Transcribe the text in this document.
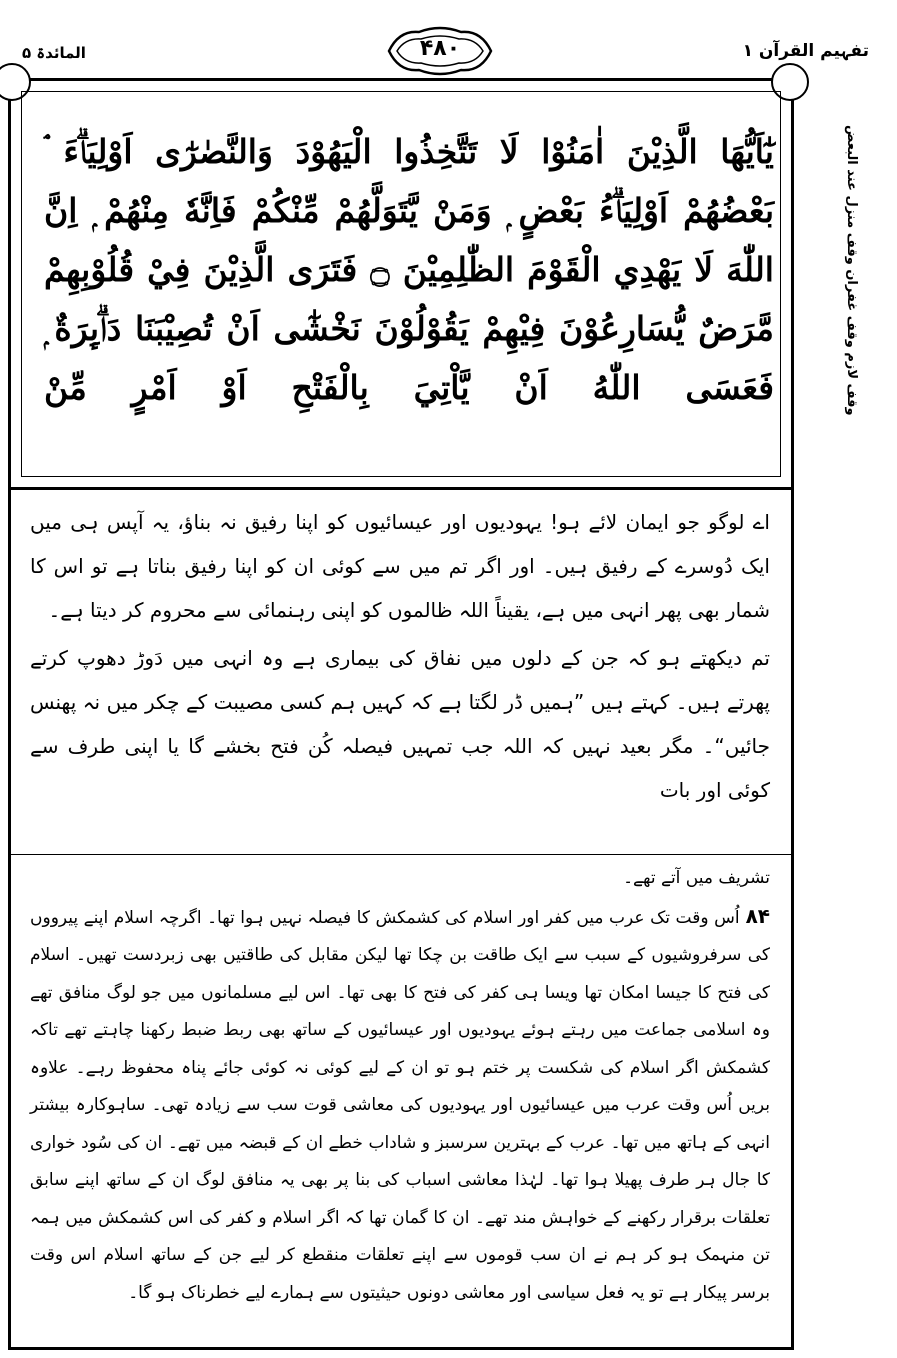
تفہیم القرآن ۱
المائدۃ ۵	۴۸۰
يٰٓاَيُّهَا الَّذِيْنَ اٰمَنُوْا لَا تَتَّخِذُوا الْيَهُوْدَ وَالنَّصٰرٰٓى اَوْلِيَاۗءَ ۘ بَعْضُهُمْ اَوْلِيَاۗءُ بَعْضٍ ۭ وَمَنْ يَّتَوَلَّهُمْ مِّنْكُمْ فَاِنَّهٗ مِنْهُمْ ۭ اِنَّ اللّٰهَ لَا يَهْدِي الْقَوْمَ الظّٰلِمِيْنَ ۝ فَتَرَى الَّذِيْنَ فِيْ قُلُوْبِهِمْ مَّرَضٌ يُّسَارِعُوْنَ فِيْهِمْ يَقُوْلُوْنَ نَخْشٰٓى اَنْ تُصِيْبَنَا دَاۗىِٕرَةٌ ۭ فَعَسَى اللّٰهُ اَنْ يَّاْتِيَ بِالْفَتْحِ اَوْ اَمْرٍ مِّنْ	وقف لازم وقف غفران وقف منزل عند البعض

اے لوگو جو ایمان لائے ہو! یہودیوں اور عیسائیوں کو اپنا رفیق نہ بناؤ، یہ آپس ہی میں ایک دُوسرے کے رفیق ہیں۔ اور اگر تم میں سے کوئی ان کو اپنا رفیق بناتا ہے تو اس کا شمار بھی پھر انہی میں ہے، یقیناً اللہ ظالموں کو اپنی رہنمائی سے محروم کر دیتا ہے۔

تم دیکھتے ہو کہ جن کے دلوں میں نفاق کی بیماری ہے وہ انہی میں دَوڑ دھوپ کرتے پھرتے ہیں۔ کہتے ہیں ”ہمیں ڈر لگتا ہے کہ کہیں ہم کسی مصیبت کے چکر میں نہ پھنس جائیں“۔ مگر بعید نہیں کہ اللہ جب تمہیں فیصلہ کُن فتح بخشے گا یا اپنی طرف سے کوئی اور بات

تشریف میں آتے تھے۔

۸۴اُس وقت تک عرب میں کفر اور اسلام کی کشمکش کا فیصلہ نہیں ہوا تھا۔ اگرچہ اسلام اپنے پیرووں کی سرفروشیوں کے سبب سے ایک طاقت بن چکا تھا لیکن مقابل کی طاقتیں بھی زبردست تھیں۔ اسلام کی فتح کا جیسا امکان تھا ویسا ہی کفر کی فتح کا بھی تھا۔ اس لیے مسلمانوں میں جو لوگ منافق تھے وہ اسلامی جماعت میں رہتے ہوئے یہودیوں اور عیسائیوں کے ساتھ بھی ربط ضبط رکھنا چاہتے تھے تاکہ کشمکش اگر اسلام کی شکست پر ختم ہو تو ان کے لیے کوئی نہ کوئی جائے پناہ محفوظ رہے۔ علاوہ بریں اُس وقت عرب میں عیسائیوں اور یہودیوں کی معاشی قوت سب سے زیادہ تھی۔ ساہوکارہ بیشتر انہی کے ہاتھ میں تھا۔ عرب کے بہترین سرسبز و شاداب خطے ان کے قبضہ میں تھے۔ ان کی سُود خواری کا جال ہر طرف پھیلا ہوا تھا۔ لہٰذا معاشی اسباب کی بنا پر بھی یہ منافق لوگ ان کے ساتھ اپنے سابق تعلقات برقرار رکھنے کے خواہش مند تھے۔ ان کا گمان تھا کہ اگر اسلام و کفر کی اس کشمکش میں ہمہ تن منہمک ہو کر ہم نے ان سب قوموں سے اپنے تعلقات منقطع کر لیے جن کے ساتھ اسلام اس وقت برسر پیکار ہے تو یہ فعل سیاسی اور معاشی دونوں حیثیتوں سے ہمارے لیے خطرناک ہو گا۔
